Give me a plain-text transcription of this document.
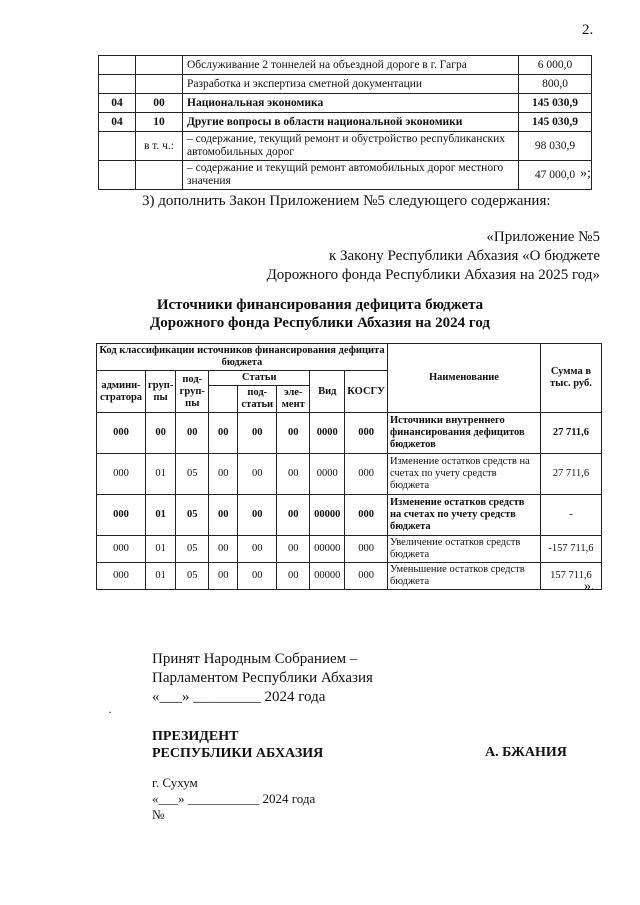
2.
		Обслуживание 2 тоннелей на объездной дороге в г. Гагра	6 000,0
		Разработка и экспертиза сметной документации	800,0
04	00	Национальная экономика	145 030,9
04	10	Другие вопросы в области национальной экономики	145 030,9
	в т. ч.:	– содержание, текущий ремонт и обустройство республиканских автомобильных дорог	98 030,9
		– содержание и текущий ремонт автомобильных дорог местного значения	47 000,0 »;
3) дополнить Закон Приложением №5 следующего содержания:
«Приложение №5
к Закону Республики Абхазия «О бюджете
Дорожного фонда Республики Абхазия на 2025 год»
Источники финансирования дефицита бюджета
Дорожного фонда Республики Абхазия на 2024 год
Код классификации источников финансирования дефицита бюджета								Наименование	Сумма в тыс. руб.
админи-стратора	груп-пы	под-груп-пы	Статьи			Вид	КОСГУ		
				под-статьи	эле-мент				
000	00	00	00	00	00	0000	000	Источники внутреннего финансирования дефицитов бюджетов	27 711,6
000	01	05	00	00	00	0000	000	Изменение остатков средств на счетах по учету средств бюджета	27 711,6
000	01	05	00	00	00	00000	000	Изменение остатков средств на счетах по учету средств бюджета	-
000	01	05	00	00	00	00000	000	Увеличение остатков средств бюджета	-157 711,6
000	01	05	00	00	00	00000	000	Уменьшение остатков средств бюджета	157 711,6
».
Принят Народным Собранием –
Парламентом Республики Абхазия
«___» _________ 2024 года
·
ПРЕЗИДЕНТ
РЕСПУБЛИКИ АБХАЗИЯ	А. БЖАНИЯ
г. Сухум
«___» ___________ 2024 года
№
